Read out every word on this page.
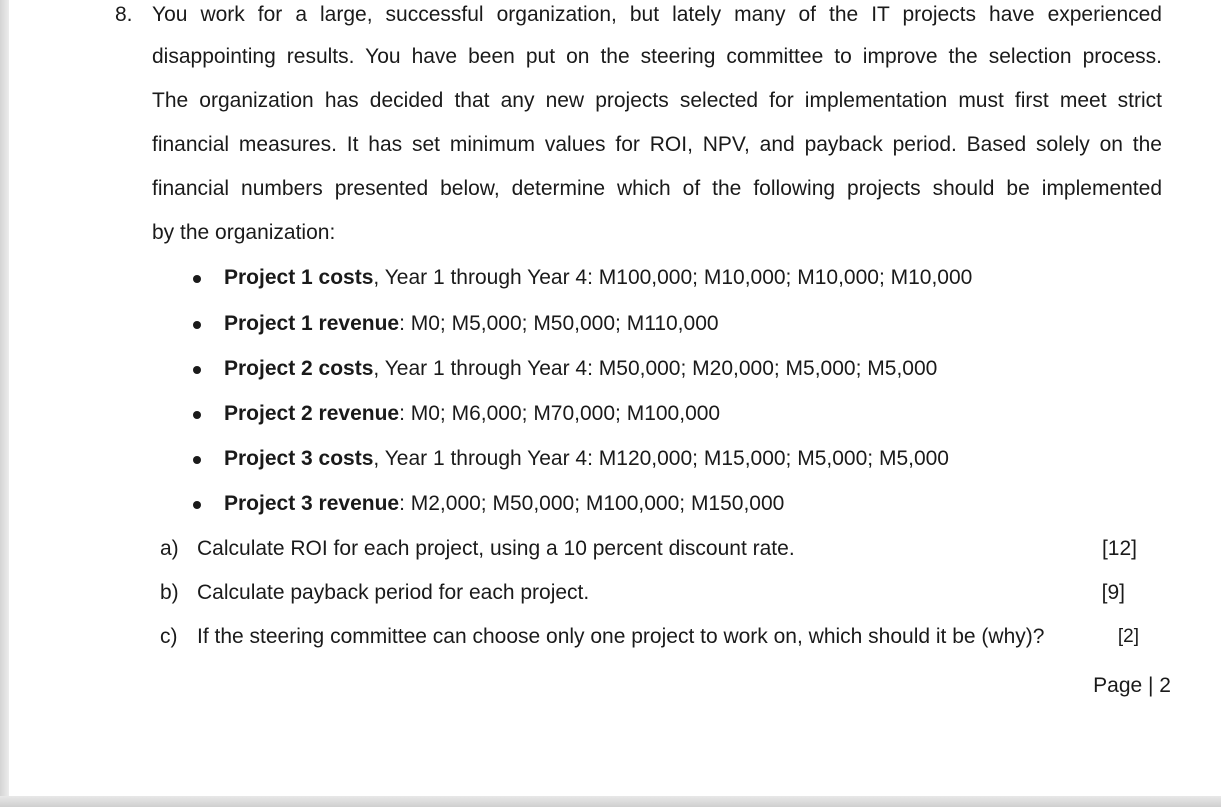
8. You work for a large, successful organization, but lately many of the IT projects have experienced
disappointing results. You have been put on the steering committee to improve the selection process.
The organization has decided that any new projects selected for implementation must first meet strict
financial measures. It has set minimum values for ROI, NPV, and payback period. Based solely on the
financial numbers presented below, determine which of the following projects should be implemented
by the organization:
Project 1 costs, Year 1 through Year 4: M100,000; M10,000; M10,000; M10,000
Project 1 revenue: M0; M5,000; M50,000; M110,000
Project 2 costs, Year 1 through Year 4: M50,000; M20,000; M5,000; M5,000
Project 2 revenue: M0; M6,000; M70,000; M100,000
Project 3 costs, Year 1 through Year 4: M120,000; M15,000; M5,000; M5,000
Project 3 revenue: M2,000; M50,000; M100,000; M150,000
a) Calculate ROI for each project, using a 10 percent discount rate.	[12]
b) Calculate payback period for each project.	[9]
c) If the steering committee can choose only one project to work on, which should it be (why)?	[2]
Page | 2
